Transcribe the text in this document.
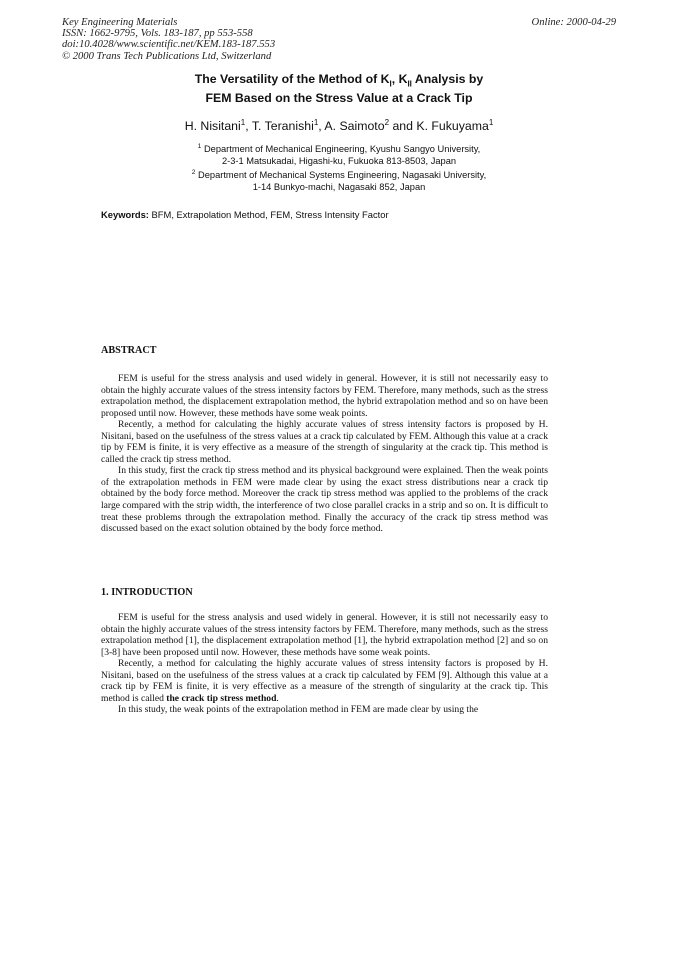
Key Engineering Materials
ISSN: 1662-9795, Vols. 183-187, pp 553-558
doi:10.4028/www.scientific.net/KEM.183-187.553
© 2000 Trans Tech Publications Ltd, Switzerland
Online: 2000-04-29
The Versatility of the Method of $K_I$, $K_{II}$ Analysis by
FEM Based on the Stress Value at a Crack Tip
H. Nisitani$^1$, T. Teranishi$^1$, A. Saimoto$^2$ and K. Fukuyama$^1$
$^1$ Department of Mechanical Engineering, Kyushu Sangyo University,
2-3-1 Matsukadai, Higashi-ku, Fukuoka 813-8503, Japan
$^2$ Department of Mechanical Systems Engineering, Nagasaki University,
1-14 Bunkyo-machi, Nagasaki 852, Japan
Keywords: BFM, Extrapolation Method, FEM, Stress Intensity Factor
ABSTRACT

FEM is useful for the stress analysis and used widely in general. However, it is still not necessarily easy to obtain the highly accurate values of the stress intensity factors by FEM. Therefore, many methods, such as the stress extrapolation method, the displacement extrapolation method, the hybrid extrapolation method and so on have been proposed until now. However, these methods have some weak points.

Recently, a method for calculating the highly accurate values of stress intensity factors is proposed by H. Nisitani, based on the usefulness of the stress values at a crack tip calculated by FEM. Although this value at a crack tip by FEM is finite, it is very effective as a measure of the strength of singularity at the crack tip. This method is called the crack tip stress method.

In this study, first the crack tip stress method and its physical background were explained. Then the weak points of the extrapolation methods in FEM were made clear by using the exact stress distributions near a crack tip obtained by the body force method. Moreover the crack tip stress method was applied to the problems of the crack large compared with the strip width, the interference of two close parallel cracks in a strip and so on. It is difficult to treat these problems through the extrapolation method. Finally the accuracy of the crack tip stress method was discussed based on the exact solution obtained by the body force method.

1. INTRODUCTION

FEM is useful for the stress analysis and used widely in general. However, it is still not necessarily easy to obtain the highly accurate values of the stress intensity factors by FEM. Therefore, many methods, such as the stress extrapolation method [1], the displacement extrapolation method [1], the hybrid extrapolation method [2] and so on [3-8] have been proposed until now. However, these methods have some weak points.

Recently, a method for calculating the highly accurate values of stress intensity factors is proposed by H. Nisitani, based on the usefulness of the stress values at a crack tip calculated by FEM [9]. Although this value at a crack tip by FEM is finite, it is very effective as a measure of the strength of singularity at the crack tip. This method is called the crack tip stress method.

In this study, the weak points of the extrapolation method in FEM are made clear by using the
